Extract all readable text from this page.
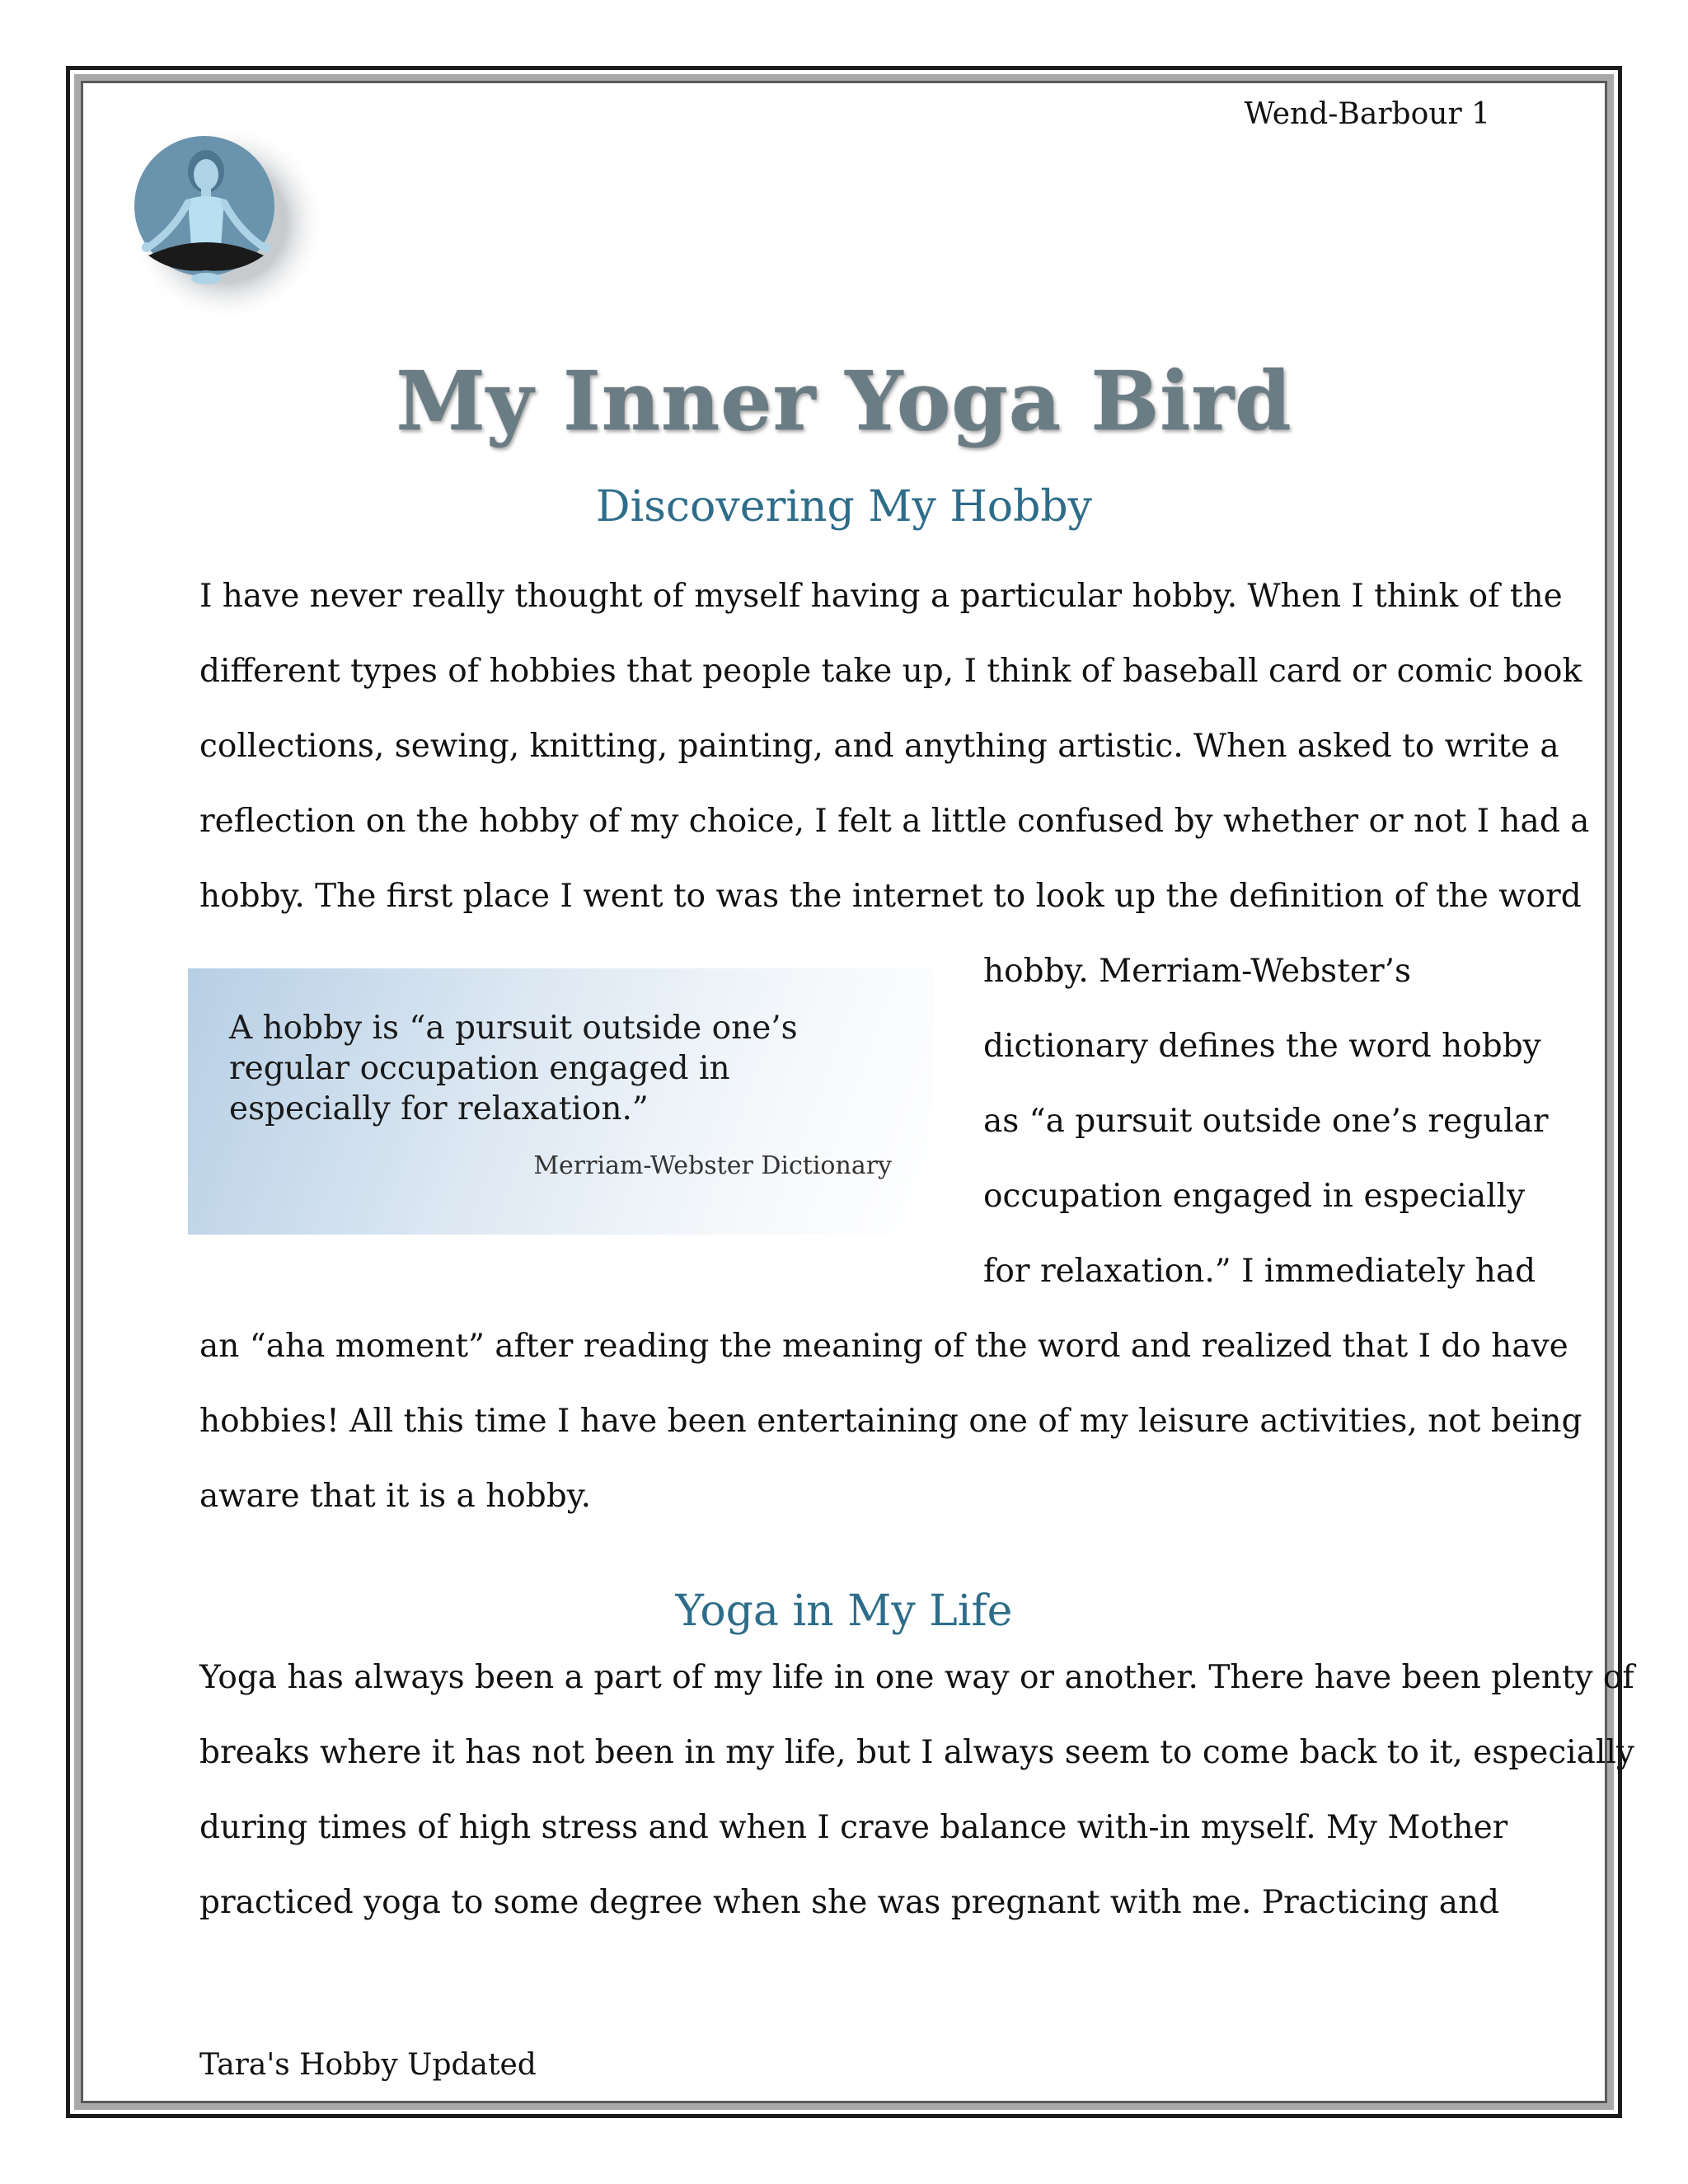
Wend-Barbour 1
My Inner Yoga Bird
Discovering My Hobby
I have never really thought of myself having a particular hobby. When I think of the
different types of hobbies that people take up, I think of baseball card or comic book
collections, sewing, knitting, painting, and anything artistic. When asked to write a
reflection on the hobby of my choice, I felt a little confused by whether or not I had a
hobby. The first place I went to was the internet to look up the definition of the word
A hobby is “a pursuit outside one’s regular occupation engaged in especially for relaxation.”
Merriam-Webster Dictionary
hobby. Merriam-Webster’s
dictionary defines the word hobby
as “a pursuit outside one’s regular
occupation engaged in especially
for relaxation.” I immediately had
an “aha moment” after reading the meaning of the word and realized that I do have
hobbies! All this time I have been entertaining one of my leisure activities, not being
aware that it is a hobby.
Yoga in My Life
Yoga has always been a part of my life in one way or another. There have been plenty of
breaks where it has not been in my life, but I always seem to come back to it, especially
during times of high stress and when I crave balance with-in myself. My Mother
practiced yoga to some degree when she was pregnant with me. Practicing and
Tara's Hobby Updated
